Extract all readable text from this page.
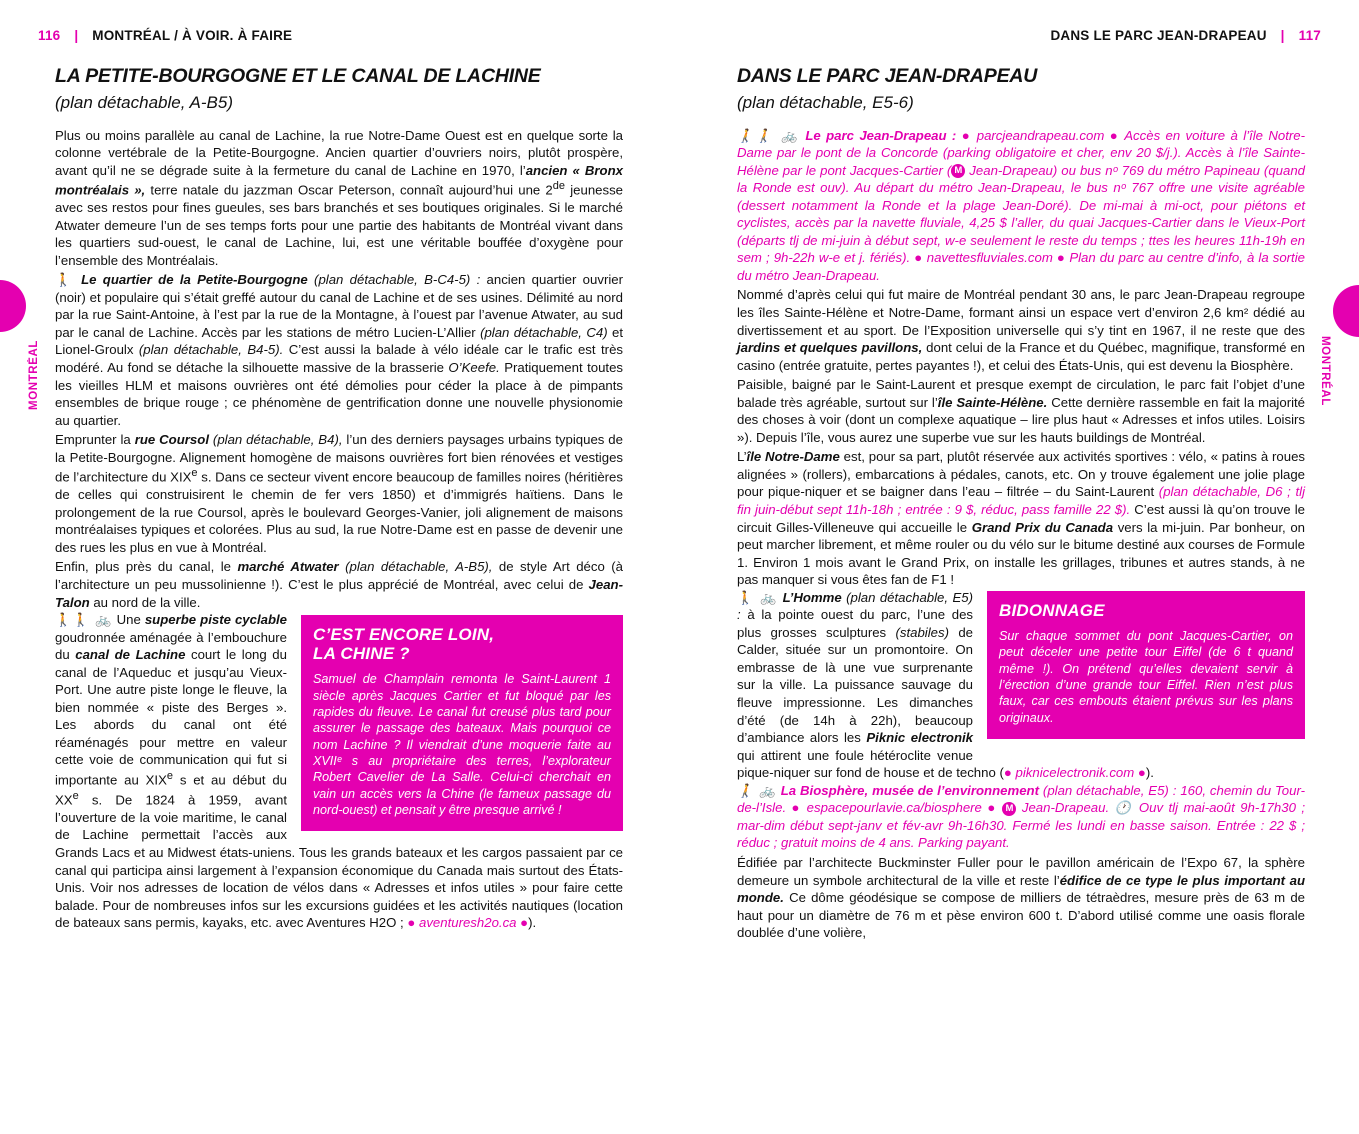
116 | MONTRÉAL / À VOIR. À FAIRE	DANS LE PARC JEAN-DRAPEAU | 117
MONTRÉAL	MONTRÉAL
LA PETITE-BOURGOGNE ET LE CANAL DE LACHINE
(plan détachable, A-B5)

Plus ou moins parallèle au canal de Lachine, la rue Notre-Dame Ouest est en quelque sorte la colonne vertébrale de la Petite-Bourgogne. Ancien quartier d’ouvriers noirs, plutôt prospère, avant qu’il ne se dégrade suite à la fermeture du canal de Lachine en 1970, l’ancien « Bronx montréalais », terre natale du jazzman Oscar Peterson, connaît aujourd’hui une 2de jeunesse avec ses restos pour fines gueules, ses bars branchés et ses boutiques originales. Si le marché Atwater demeure l’un de ses temps forts pour une partie des habitants de Montréal vivant dans les quartiers sud-ouest, le canal de Lachine, lui, est une véritable bouffée d’oxygène pour l’ensemble des Montréalais.

🚶 Le quartier de la Petite-Bourgogne (plan détachable, B-C4-5) : ancien quartier ouvrier (noir) et populaire qui s’était greffé autour du canal de Lachine et de ses usines. Délimité au nord par la rue Saint-Antoine, à l’est par la rue de la Montagne, à l’ouest par l’avenue Atwater, au sud par le canal de Lachine. Accès par les stations de métro Lucien-L’Allier (plan détachable, C4) et Lionel-Groulx (plan détachable, B4-5). C’est aussi la balade à vélo idéale car le trafic est très modéré. Au fond se détache la silhouette massive de la brasserie O’Keefe. Pratiquement toutes les vieilles HLM et maisons ouvrières ont été démolies pour céder la place à de pimpants ensembles de brique rouge ; ce phénomène de gentrification donne une nouvelle physionomie au quartier.

Emprunter la rue Coursol (plan détachable, B4), l’un des derniers paysages urbains typiques de la Petite-Bourgogne. Alignement homogène de maisons ouvrières fort bien rénovées et vestiges de l’architecture du XIXe s. Dans ce secteur vivent encore beaucoup de familles noires (héritières de celles qui construisirent le chemin de fer vers 1850) et d’immigrés haïtiens. Dans le prolongement de la rue Coursol, après le boulevard Georges-Vanier, joli alignement de maisons montréalaises typiques et colorées. Plus au sud, la rue Notre-Dame est en passe de devenir une des rues les plus en vue à Montréal.

Enfin, plus près du canal, le marché Atwater (plan détachable, A-B5), de style Art déco (à l’architecture un peu mussolinienne !). C’est le plus apprécié de Montréal, avec celui de Jean-Talon au nord de la ville.

C’EST ENCORE LOIN,
LA CHINE ?

Samuel de Champlain remonta le Saint-Laurent 1 siècle après Jacques Cartier et fut bloqué par les rapides du fleuve. Le canal fut creusé plus tard pour assurer le passage des bateaux. Mais pourquoi ce nom Lachine ? Il viendrait d’une moquerie faite au XVIIᵉ s au propriétaire des terres, l’explorateur Robert Cavelier de La Salle. Celui-ci cherchait en vain un accès vers la Chine (le fameux passage du nord-ouest) et pensait y être presque arrivé !

🚶🚶 🚲 Une superbe piste cyclable goudronnée aménagée à l’embouchure du canal de Lachine court le long du canal de l’Aqueduc et jusqu’au Vieux-Port. Une autre piste longe le fleuve, la bien nommée « piste des Berges ». Les abords du canal ont été réaménagés pour mettre en valeur cette voie de communication qui fut si importante au XIXe s et au début du XXe s. De 1824 à 1959, avant l’ouverture de la voie maritime, le canal de Lachine permettait l’accès aux Grands Lacs et au Midwest états-uniens. Tous les grands bateaux et les cargos passaient par ce canal qui participa ainsi largement à l’expansion économique du Canada mais surtout des États-Unis. Voir nos adresses de location de vélos dans « Adresses et infos utiles » pour faire cette balade. Pour de nombreuses infos sur les excursions guidées et les activités nautiques (location de bateaux sans permis, kayaks, etc. avec Aventures H2O ; ● aventuresh2o.ca ●).

DANS LE PARC JEAN-DRAPEAU
(plan détachable, E5-6)

🚶🚶 🚲 Le parc Jean-Drapeau : ● parcjeandrapeau.com ● Accès en voiture à l’île Notre-Dame par le pont de la Concorde (parking obligatoire et cher, env 20 $/j.). Accès à l’île Sainte-Hélène par le pont Jacques-Cartier ( M Jean-Drapeau) ou bus nᵒ 769 du métro Papineau (quand la Ronde est ouv). Au départ du métro Jean-Drapeau, le bus nᵒ 767 offre une visite agréable (dessert notamment la Ronde et la plage Jean-Doré). De mi-mai à mi-oct, pour piétons et cyclistes, accès par la navette fluviale, 4,25 $ l’aller, du quai Jacques-Cartier dans le Vieux-Port (départs tlj de mi-juin à début sept, w-e seulement le reste du temps ; ttes les heures 11h-19h en sem ; 9h-22h w-e et j. fériés). ● navettesfluviales.com ● Plan du parc au centre d’info, à la sortie du métro Jean-Drapeau.

Nommé d’après celui qui fut maire de Montréal pendant 30 ans, le parc Jean-Drapeau regroupe les îles Sainte-Hélène et Notre-Dame, formant ainsi un espace vert d’environ 2,6 km² dédié au divertissement et au sport. De l’Exposition universelle qui s’y tint en 1967, il ne reste que des jardins et quelques pavillons, dont celui de la France et du Québec, magnifique, transformé en casino (entrée gratuite, pertes payantes !), et celui des États-Unis, qui est devenu la Biosphère.

Paisible, baigné par le Saint-Laurent et presque exempt de circulation, le parc fait l’objet d’une balade très agréable, surtout sur l’île Sainte-Hélène. Cette dernière rassemble en fait la majorité des choses à voir (dont un complexe aquatique – lire plus haut « Adresses et infos utiles. Loisirs »). Depuis l’île, vous aurez une superbe vue sur les hauts buildings de Montréal.

L’île Notre-Dame est, pour sa part, plutôt réservée aux activités sportives : vélo, « patins à roues alignées » (rollers), embarcations à pédales, canots, etc. On y trouve également une jolie plage pour pique-niquer et se baigner dans l’eau – filtrée – du Saint-Laurent (plan détachable, D6 ; tlj fin juin-début sept 11h-18h ; entrée : 9 $, réduc, pass famille 22 $). C’est aussi là qu’on trouve le circuit Gilles-Villeneuve qui accueille le Grand Prix du Canada vers la mi-juin. Par bonheur, on peut marcher librement, et même rouler ou du vélo sur le bitume destiné aux courses de Formule 1. Environ 1 mois avant le Grand Prix, on installe les grillages, tribunes et autres stands, à ne pas manquer si vous êtes fan de F1 !

BIDONNAGE

Sur chaque sommet du pont Jacques-Cartier, on peut déceler une petite tour Eiffel (de 6 t quand même !). On prétend qu’elles devaient servir à l’érection d’une grande tour Eiffel. Rien n’est plus faux, car ces embouts étaient prévus sur les plans originaux.

🚶 🚲 L’Homme (plan détachable, E5) : à la pointe ouest du parc, l’une des plus grosses sculptures (stabiles) de Calder, située sur un promontoire. On embrasse de là une vue surprenante sur la ville. La puissance sauvage du fleuve impressionne. Les dimanches d’été (de 14h à 22h), beaucoup d’ambiance alors les Piknic electronik qui attirent une foule hétéroclite venue pique-niquer sur fond de house et de techno (● piknicelectronik.com ●).

🚶 🚲 La Biosphère, musée de l’environnement (plan détachable, E5) : 160, chemin du Tour-de-l’Isle. ● espacepourlavie.ca/biosphere ● M Jean-Drapeau. 🕐 Ouv tlj mai-août 9h-17h30 ; mar-dim début sept-janv et fév-avr 9h-16h30. Fermé les lundi en basse saison. Entrée : 22 $ ; réduc ; gratuit moins de 4 ans. Parking payant.

Édifiée par l’architecte Buckminster Fuller pour le pavillon américain de l’Expo 67, la sphère demeure un symbole architectural de la ville et reste l’édifice de ce type le plus important au monde. Ce dôme géodésique se compose de milliers de tétraèdres, mesure près de 63 m de haut pour un diamètre de 76 m et pèse environ 600 t. D’abord utilisé comme une oasis florale doublée d’une volière,
